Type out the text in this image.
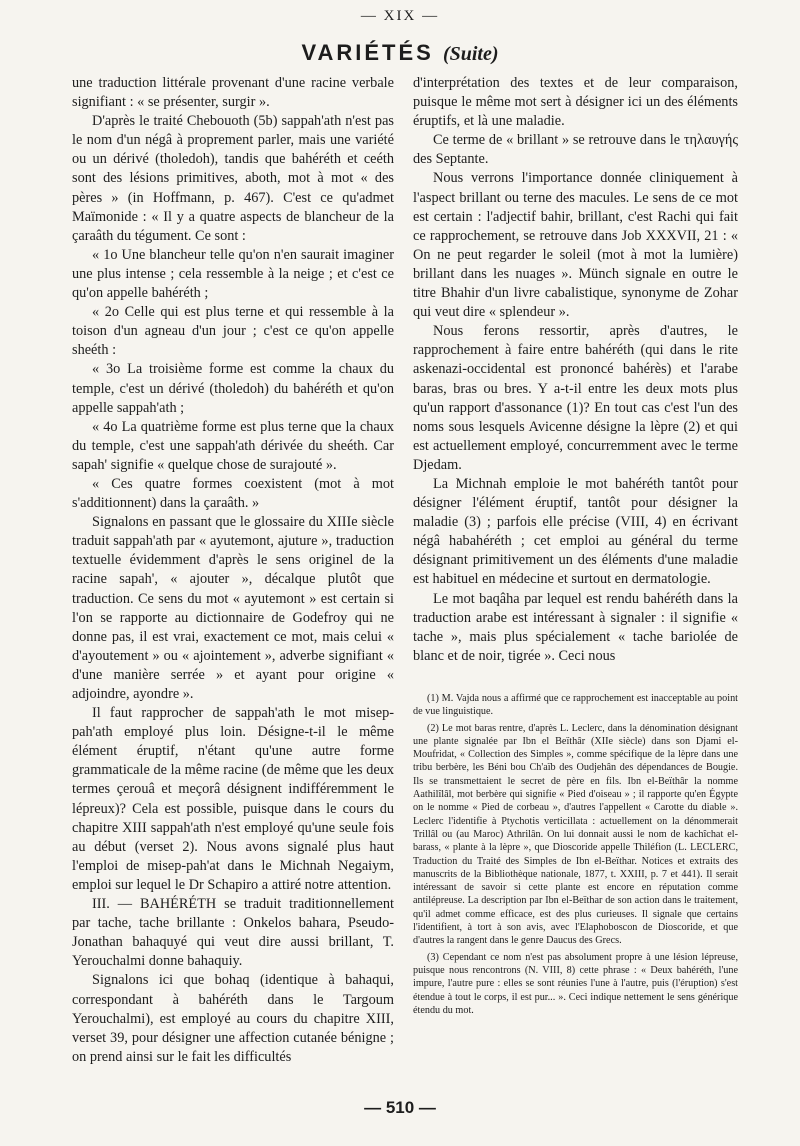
— XIX —
VARIÉTÉS (Suite)

une traduction littérale provenant d'une racine verbale signifiant : « se présenter, surgir ».

D'après le traité Chebouoth (5b) sappah'ath n'est pas le nom d'un négâ à proprement parler, mais une variété ou un dérivé (tholedoh), tandis que bahéréth et ceéth sont des lésions primitives, aboth, mot à mot « des pères » (in Hoffmann, p. 467). C'est ce qu'admet Maïmonide : « Il y a quatre aspects de blancheur de la çaraâth du tégument. Ce sont :

« 1o Une blancheur telle qu'on n'en saurait imaginer une plus intense ; cela ressemble à la neige ; et c'est ce qu'on appelle bahéréth ;

« 2o Celle qui est plus terne et qui ressemble à la toison d'un agneau d'un jour ; c'est ce qu'on appelle sheéth :

« 3o La troisième forme est comme la chaux du temple, c'est un dérivé (tholedoh) du bahéréth et qu'on appelle sappah'ath ;

« 4o La quatrième forme est plus terne que la chaux du temple, c'est une sappah'ath dérivée du sheéth. Car sapah' signifie « quelque chose de surajouté ».

« Ces quatre formes coexistent (mot à mot s'additionnent) dans la çaraâth. »

Signalons en passant que le glossaire du XIIIe siècle traduit sappah'ath par « ayutemont, ajuture », traduction textuelle évidemment d'après le sens originel de la racine sapah', « ajouter », décalque plutôt que traduction. Ce sens du mot « ayutemont » est certain si l'on se rapporte au dictionnaire de Godefroy qui ne donne pas, il est vrai, exactement ce mot, mais celui « d'ayoutement » ou « ajointement », adverbe signifiant « d'une manière serrée » et ayant pour origine « adjoindre, ayondre ».

Il faut rapprocher de sappah'ath le mot misep-pah'ath employé plus loin. Désigne-t-il le même élément éruptif, n'étant qu'une autre forme grammaticale de la même racine (de même que les deux termes çerouâ et meçorâ désignent indifféremment le lépreux)? Cela est possible, puisque dans le cours du chapitre XIII sappah'ath n'est employé qu'une seule fois au début (verset 2). Nous avons signalé plus haut l'emploi de misep-pah'at dans le Michnah Negaiym, emploi sur lequel le Dr Schapiro a attiré notre attention.

III. — BAHÉRÉTH se traduit traditionnellement par tache, tache brillante : Onkelos bahara, Pseudo-Jonathan bahaquyé qui veut dire aussi brillant, T. Yerouchalmi donne bahaquiy.

Signalons ici que bohaq (identique à bahaqui, correspondant à bahéréth dans le Targoum Yerouchalmi), est employé au cours du chapitre XIII, verset 39, pour désigner une affection cutanée bénigne ; on prend ainsi sur le fait les difficultés

d'interprétation des textes et de leur comparaison, puisque le même mot sert à désigner ici un des éléments éruptifs, et là une maladie.

Ce terme de « brillant » se retrouve dans le τηλαυγής des Septante.

Nous verrons l'importance donnée cliniquement à l'aspect brillant ou terne des macules. Le sens de ce mot est certain : l'adjectif bahir, brillant, c'est Rachi qui fait ce rapprochement, se retrouve dans Job XXXVII, 21 : « On ne peut regarder le soleil (mot à mot la lumière) brillant dans les nuages ». Münch signale en outre le titre Bhahir d'un livre cabalistique, synonyme de Zohar qui veut dire « splendeur ».

Nous ferons ressortir, après d'autres, le rapprochement à faire entre bahéréth (qui dans le rite askenazi-occidental est prononcé bahérès) et l'arabe baras, bras ou bres. Y a-t-il entre les deux mots plus qu'un rapport d'assonance (1)? En tout cas c'est l'un des noms sous lesquels Avicenne désigne la lèpre (2) et qui est actuellement employé, concurremment avec le terme Djedam.

La Michnah emploie le mot bahéréth tantôt pour désigner l'élément éruptif, tantôt pour désigner la maladie (3) ; parfois elle précise (VIII, 4) en écrivant négâ habahéréth ; cet emploi au général du terme désignant primitivement un des éléments d'une maladie est habituel en médecine et surtout en dermatologie.

Le mot baqâha par lequel est rendu bahéréth dans la traduction arabe est intéressant à signaler : il signifie « tache », mais plus spécialement « tache bariolée de blanc et de noir, tigrée ». Ceci nous

(1) M. Vajda nous a affirmé que ce rapprochement est inacceptable au point de vue linguistique.

(2) Le mot baras rentre, d'après L. Leclerc, dans la dénomination désignant une plante signalée par Ibn el Beïthâr (XIIe siècle) dans son Djami el-Moufridat, « Collection des Simples », comme spécifique de la lèpre dans une tribu berbère, les Béni bou Ch'aïb des Oudjehân des dépendances de Bougie. Ils se transmettaient le secret de père en fils. Ibn el-Beïthâr la nomme Aathilîlâl, mot berbère qui signifie « Pied d'oiseau » ; il rapporte qu'en Égypte on le nomme « Pied de corbeau », d'autres l'appellent « Carotte du diable ». Leclerc l'identifie à Ptychotis verticillata : actuellement on la dénommerait Trillâl ou (au Maroc) Athrilân. On lui donnait aussi le nom de kachîchat el-barass, « plante à la lèpre », que Dioscoride appelle Thiléfion (L. LECLERC, Traduction du Traité des Simples de Ibn el-Beïthar. Notices et extraits des manuscrits de la Bibliothèque nationale, 1877, t. XXIII, p. 7 et 441). Il serait intéressant de savoir si cette plante est encore en réputation comme antilépreuse. La description par Ibn el-Beïthar de son action dans le traitement, qu'il admet comme efficace, est des plus curieuses. Il signale que certains l'identifient, à tort à son avis, avec l'Elaphoboscon de Dioscoride, et que d'autres la rangent dans le genre Daucus des Grecs.

(3) Cependant ce nom n'est pas absolument propre à une lésion lépreuse, puisque nous rencontrons (N. VIII, 8) cette phrase : « Deux bahéréth, l'une impure, l'autre pure : elles se sont réunies l'une à l'autre, puis (l'éruption) s'est étendue à tout le corps, il est pur... ». Ceci indique nettement le sens générique étendu du mot.

— 510 —
